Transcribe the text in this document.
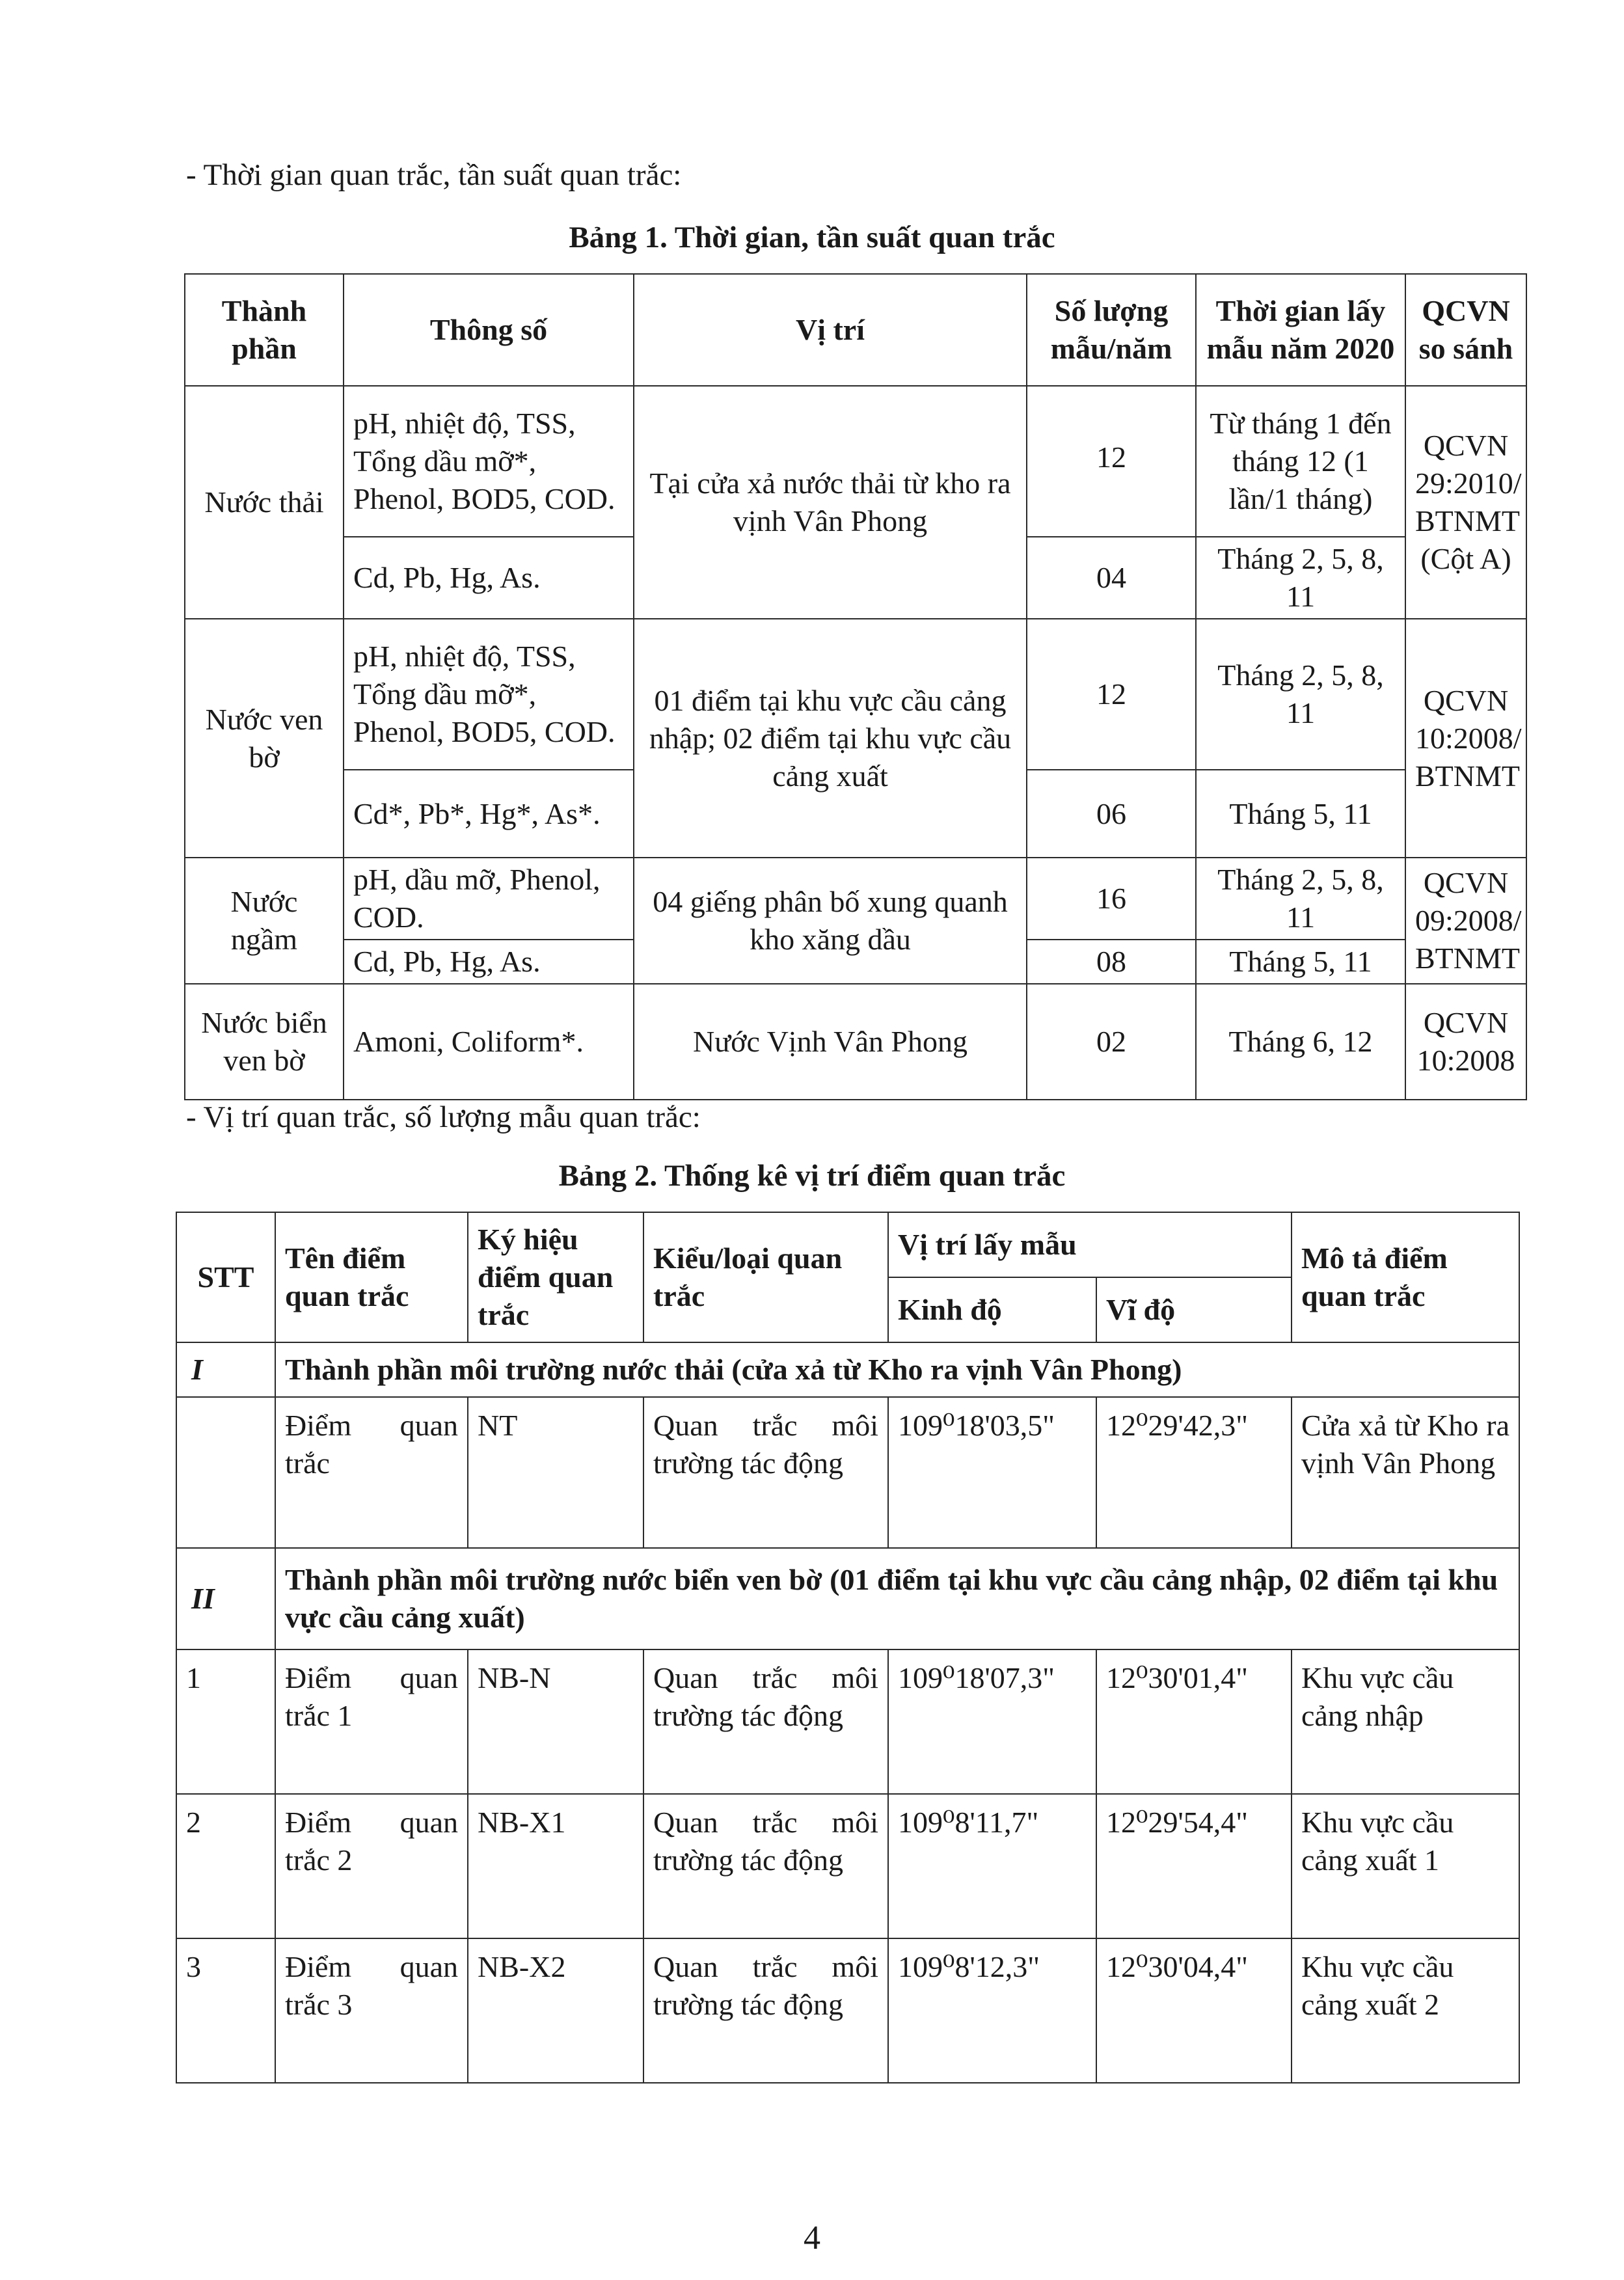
- Thời gian quan trắc, tần suất quan trắc:
Bảng 1. Thời gian, tần suất quan trắc
Thành phần	Thông số	Vị trí	Số lượng mẫu/năm	Thời gian lấy mẫu năm 2020	QCVN so sánh
Nước thải	pH, nhiệt độ, TSS, Tổng dầu mỡ*, Phenol, BOD5, COD.	Tại cửa xả nước thải từ kho ra vịnh Vân Phong	12	Từ tháng 1 đến tháng 12 (1 lần/1 tháng)	QCVN 29:2010/ BTNMT (Cột A)
	Cd, Pb, Hg, As.		04	Tháng 2, 5, 8, 11	
Nước ven bờ	pH, nhiệt độ, TSS, Tổng dầu mỡ*, Phenol, BOD5, COD.	01 điểm tại khu vực cầu cảng nhập; 02 điểm tại khu vực cầu cảng xuất	12	Tháng 2, 5, 8, 11	QCVN 10:2008/ BTNMT
	Cd*, Pb*, Hg*, As*.		06	Tháng 5, 11	
Nước ngầm	pH, dầu mỡ, Phenol, COD.	04 giếng phân bố xung quanh kho xăng dầu	16	Tháng 2, 5, 8, 11	QCVN 09:2008/ BTNMT
	Cd, Pb, Hg, As.		08	Tháng 5, 11	
Nước biển ven bờ	Amoni, Coliform*.	Nước Vịnh Vân Phong	02	Tháng 6, 12	QCVN 10:2008
- Vị trí quan trắc, số lượng mẫu quan trắc:
Bảng 2. Thống kê vị trí điểm quan trắc
STT	Tên điểm quan trắc	Ký hiệu điểm quan trắc	Kiểu/loại quan trắc	Vị trí lấy mẫu		Mô tả điểm quan trắc
				Kinh độ	Vĩ độ	
I	Thành phần môi trường nước thải (cửa xả từ Kho ra vịnh Vân Phong)					
	Điểm quan trắc	NT	Quan trắc môi trường tác động	109⁰18'03,5"	12⁰29'42,3"	Cửa xả từ Kho ra vịnh Vân Phong
II	Thành phần môi trường nước biển ven bờ (01 điểm tại khu vực cầu cảng nhập, 02 điểm tại khu vực cầu cảng xuất)					
1	Điểm quan trắc 1	NB-N	Quan trắc môi trường tác động	109⁰18'07,3"	12⁰30'01,4"	Khu vực cầu cảng nhập
2	Điểm quan trắc 2	NB-X1	Quan trắc môi trường tác động	109⁰8'11,7"	12⁰29'54,4"	Khu vực cầu cảng xuất 1
3	Điểm quan trắc 3	NB-X2	Quan trắc môi trường tác động	109⁰8'12,3"	12⁰30'04,4"	Khu vực cầu cảng xuất 2
4
